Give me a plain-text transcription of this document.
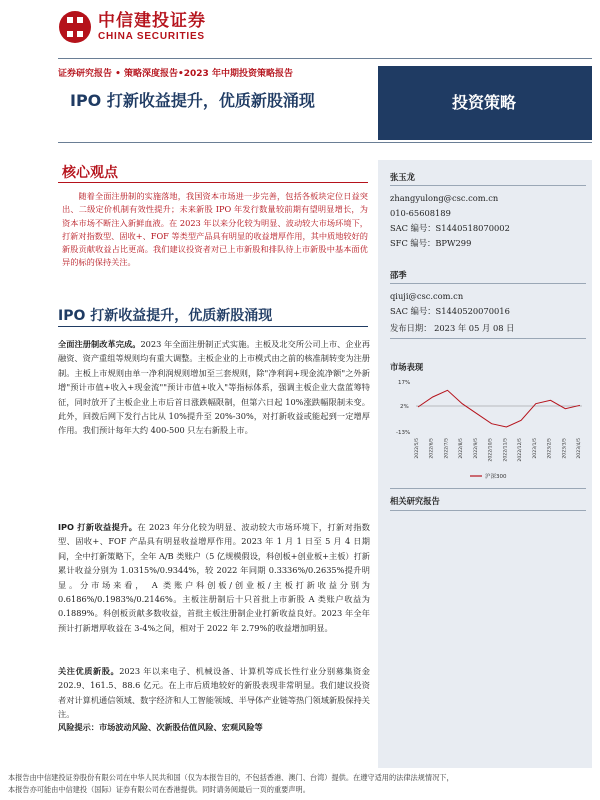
中信建投证券
CHINA SECURITIES
证券研究报告 • 策略深度报告•2023 年中期投资策略报告
IPO 打新收益提升，优质新股涌现	投资策略
张玉龙
zhangyulong@csc.com.cn
010-65608189
SAC 编号：S1440518070002
SFC 编号：BPW299
邵季
qiuji@csc.com.cn
SAC 编号：S1440520070016
发布日期： 2023 年 05 月 08 日
市场表现
17%
2%
-13%
2022/5/5 2022/6/5 2022/7/5 2022/8/5 2022/9/5 2022/10/5 2022/11/5 2022/12/5 2023/1/5 2023/2/5 2023/3/5 2023/4/5
沪深300
相关研究报告
核心观点
随着全面注册制的实施落地，我国资本市场进一步完善，包括各板块定位日益突出、二级定价机制有效性提升；未来新股 IPO 年发行数量较前期有望明显增长，为资本市场不断注入新鲜血液。在 2023 年以来分化较为明显、波动较大市场环境下，打新对指数型、固收+、FOF 等类型产品具有明显的收益增厚作用，其中质地较好的新股贡献收益占比更高。我们建议投资者对已上市新股和排队待上市新股中基本面优异的标的保持关注。
IPO 打新收益提升，优质新股涌现
全面注册制改革完成。2023 年全面注册制正式实施。主板及北交所公司上市、企业再融资、资产重组等规则均有重大调整。主板企业的上市模式由之前的核准制转变为注册制。主板上市规则由单一净利润规则增加至三套规则，除"净利润+现金流净额"之外新增"预计市值+收入+现金流""预计市值+收入"等指标体系，强调主板企业大盘蓝筹特征，同时放开了主板企业上市后首日涨跌幅限制，但第六日起 10%涨跌幅限制未变。此外，回拨后网下发行占比从 10%提升至 20%-30%，对打新收益或能起到一定增厚作用。我们预计每年大约 400-500 只左右新股上市。
IPO 打新收益提升。在 2023 年分化较为明显、波动较大市场环境下，打新对指数型、固收+、FOF 产品具有明显收益增厚作用。2023 年 1 月 1 日至 5 月 4 日期间，全中打新策略下，全年 A/B 类账户（5 亿规模假设，科创板+创业板+主板）打新累计收益分别为 1.0315%/0.9344%，较 2022 年同期 0.3336%/0.2635%提升明显。分市场来看， A 类账户科创板/创业板/主板打新收益分别为 0.6186%/0.1983%/0.2146%。主板注册制后十只首批上市新股 A 类账户收益为 0.1889%。科创板贡献多数收益，首批主板注册制企业打新收益良好。2023 年全年预计打新增厚收益在 3-4%之间，相对于 2022 年 2.79%的收益增加明显。
关注优质新股。2023 年以来电子、机械设备、计算机等成长性行业分别募集资金 202.9、161.5、88.6 亿元。在上市后质地较好的新股表现非常明显。我们建议投资者对计算机通信领域、数字经济和人工智能领域、半导体产业链等热门领域新股保持关注。
风险提示：市场波动风险、次新股估值风险、宏观风险等
本报告由中信建投证券股份有限公司在中华人民共和国（仅为本报告目的，不包括香港、澳门、台湾）提供。在遵守适用的法律法规情况下，
本报告亦可能由中信建投（国际）证券有限公司在香港提供。同时请务阅最后一页的重要声明。
